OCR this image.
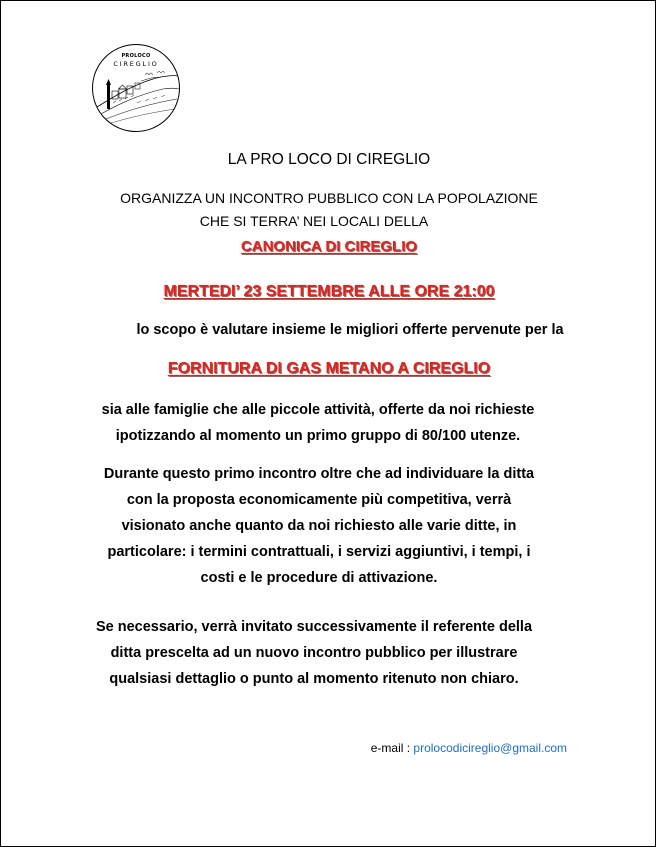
PROLOCO
CIREGLIO
LA PRO LOCO DI CIREGLIO
ORGANIZZA UN INCONTRO PUBBLICO CON LA POPOLAZIONE
CHE SI TERRA’ NEI LOCALI DELLA
CANONICA DI CIREGLIO
MERTEDI’ 23 SETTEMBRE ALLE ORE 21:00
lo scopo è valutare insieme le migliori offerte pervenute per la
FORNITURA DI GAS METANO A CIREGLIO
sia alle famiglie che alle piccole attività, offerte da noi richieste
ipotizzando al momento un primo gruppo di 80/100 utenze.
Durante questo primo incontro oltre che ad individuare la ditta
con la proposta economicamente più competitiva, verrà
visionato anche quanto da noi richiesto alle varie ditte, in
particolare: i termini contrattuali, i servizi aggiuntivi, i tempi, i
costi e le procedure di attivazione.
Se necessario, verrà invitato successivamente il referente della
ditta prescelta ad un nuovo incontro pubblico per illustrare
qualsiasi dettaglio o punto al momento ritenuto non chiaro.
e-mail : prolocodicireglio@gmail.com
